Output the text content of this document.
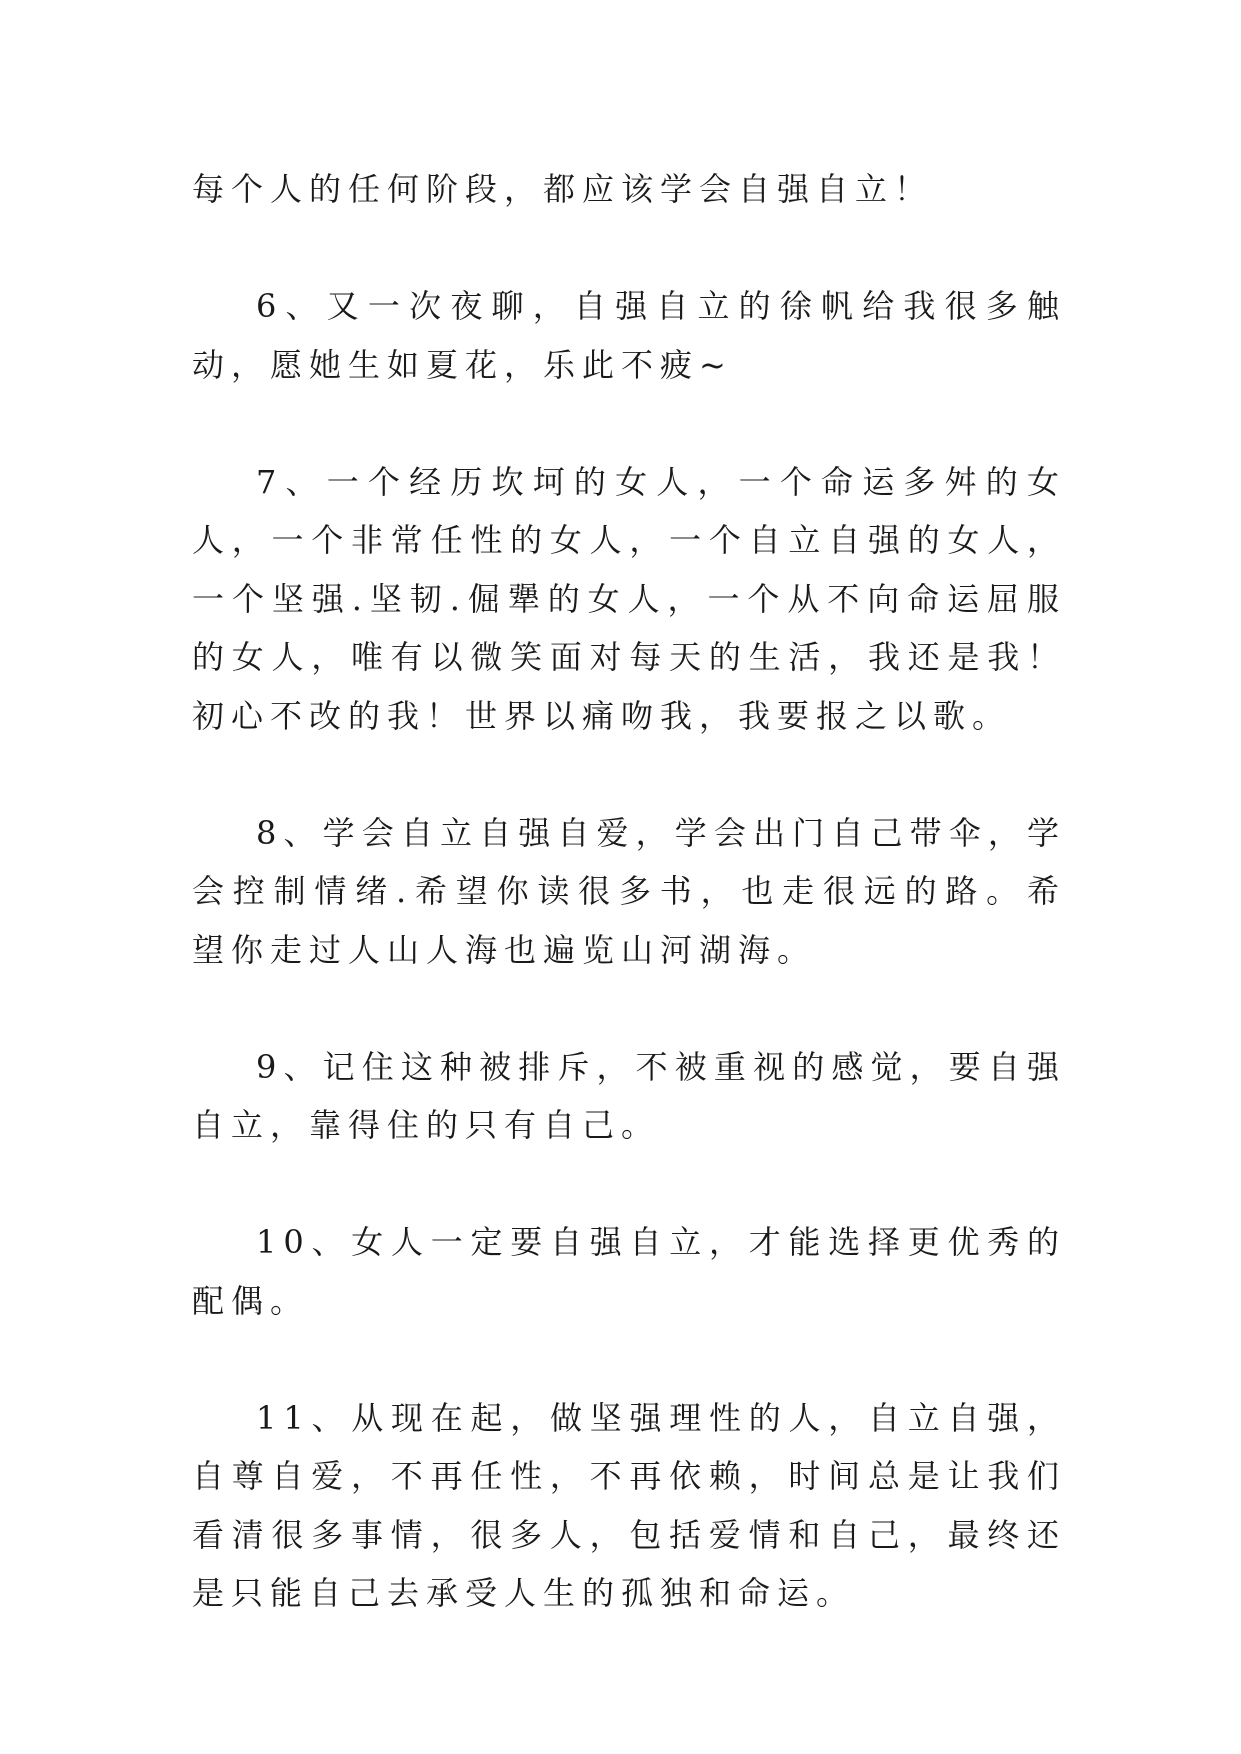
每个人的任何阶段，都应该学会自强自立！

6、又一次夜聊，自强自立的徐帆给我很多触动，愿她生如夏花，乐此不疲~

7、一个经历坎坷的女人，一个命运多舛的女人，一个非常任性的女人，一个自立自强的女人，一个坚强.坚韧.倔犟的女人，一个从不向命运屈服的女人，唯有以微笑面对每天的生活，我还是我！初心不改的我！世界以痛吻我，我要报之以歌。

8、学会自立自强自爱，学会出门自己带伞，学会控制情绪.希望你读很多书，也走很远的路。希望你走过人山人海也遍览山河湖海。

9、记住这种被排斥，不被重视的感觉，要自强自立，靠得住的只有自己。

10、女人一定要自强自立，才能选择更优秀的配偶。

11、从现在起，做坚强理性的人，自立自强，自尊自爱，不再任性，不再依赖，时间总是让我们看清很多事情，很多人，包括爱情和自己，最终还是只能自己去承受人生的孤独和命运。
